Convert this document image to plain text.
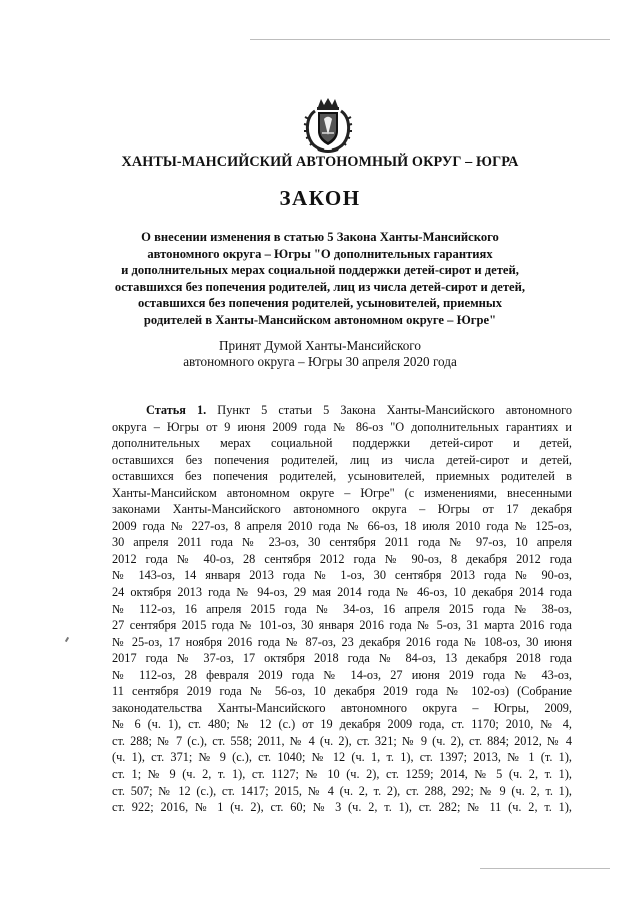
ХАНТЫ-МАНСИЙСКИЙ АВТОНОМНЫЙ ОКРУГ – ЮГРА
ЗАКОН
О внесении изменения в статью 5 Закона Ханты-Мансийского
автономного округа – Югры "О дополнительных гарантиях
и дополнительных мерах социальной поддержки детей-сирот и детей,
оставшихся без попечения родителей, лиц из числа детей-сирот и детей,
оставшихся без попечения родителей, усыновителей, приемных
родителей в Ханты-Мансийском автономном округе – Югре"
Принят Думой Ханты-Мансийского
автономного округа – Югры 30 апреля 2020 года
Статья 1. Пункт 5 статьи 5 Закона Ханты-Мансийского автономного
округа – Югры от 9 июня 2009 года № 86-оз "О дополнительных гарантиях и
дополнительных мерах социальной поддержки детей-сирот и детей,
оставшихся без попечения родителей, лиц из числа детей-сирот и детей,
оставшихся без попечения родителей, усыновителей, приемных родителей в
Ханты-Мансийском автономном округе – Югре" (с изменениями, внесенными
законами Ханты-Мансийского автономного округа – Югры от 17 декабря
2009 года № 227-оз, 8 апреля 2010 года № 66-оз, 18 июля 2010 года № 125-оз,
30 апреля 2011 года № 23-оз, 30 сентября 2011 года № 97-оз, 10 апреля
2012 года № 40-оз, 28 сентября 2012 года № 90-оз, 8 декабря 2012 года
№ 143-оз, 14 января 2013 года № 1-оз, 30 сентября 2013 года № 90-оз,
24 октября 2013 года № 94-оз, 29 мая 2014 года № 46-оз, 10 декабря 2014 года
№ 112-оз, 16 апреля 2015 года № 34-оз, 16 апреля 2015 года № 38-оз,
27 сентября 2015 года № 101-оз, 30 января 2016 года № 5-оз, 31 марта 2016 года
№ 25-оз, 17 ноября 2016 года № 87-оз, 23 декабря 2016 года № 108-оз, 30 июня
2017 года № 37-оз, 17 октября 2018 года № 84-оз, 13 декабря 2018 года
№ 112-оз, 28 февраля 2019 года № 14-оз, 27 июня 2019 года № 43-оз,
11 сентября 2019 года № 56-оз, 10 декабря 2019 года № 102-оз) (Собрание
законодательства Ханты-Мансийского автономного округа – Югры, 2009,
№ 6 (ч. 1), ст. 480; № 12 (с.) от 19 декабря 2009 года, ст. 1170; 2010, № 4,
ст. 288; № 7 (с.), ст. 558; 2011, № 4 (ч. 2), ст. 321; № 9 (ч. 2), ст. 884; 2012, № 4
(ч. 1), ст. 371; № 9 (с.), ст. 1040; № 12 (ч. 1, т. 1), ст. 1397; 2013, № 1 (т. 1),
ст. 1; № 9 (ч. 2, т. 1), ст. 1127; № 10 (ч. 2), ст. 1259; 2014, № 5 (ч. 2, т. 1),
ст. 507; № 12 (с.), ст. 1417; 2015, № 4 (ч. 2, т. 2), ст. 288, 292; № 9 (ч. 2, т. 1),
ст. 922; 2016, № 1 (ч. 2), ст. 60; № 3 (ч. 2, т. 1), ст. 282; № 11 (ч. 2, т. 1),
